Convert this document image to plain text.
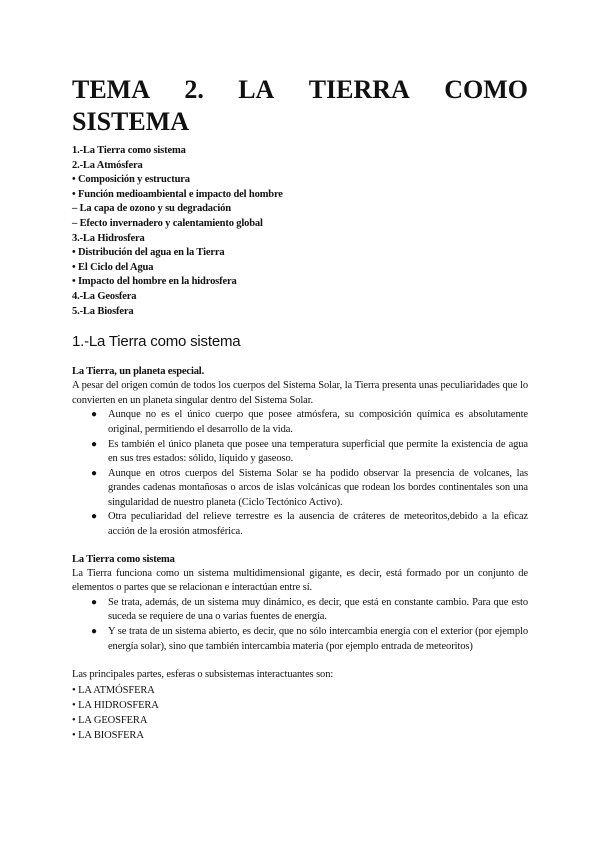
TEMA 2. LA TIERRA COMO
SISTEMA
1.-La Tierra como sistema
2.-La Atmósfera
• Composición y estructura
• Función medioambiental e impacto del hombre
– La capa de ozono y su degradación
– Efecto invernadero y calentamiento global
3.-La Hidrosfera
• Distribución del agua en la Tierra
• El Ciclo del Agua
• Impacto del hombre en la hidrosfera
4.-La Geosfera
5.-La Biosfera
1.-La Tierra como sistema

La Tierra, un planeta especial.

A pesar del origen común de todos los cuerpos del Sistema Solar, la Tierra presenta unas peculiaridades que lo convierten en un planeta singular dentro del Sistema Solar.

● Aunque no es el único cuerpo que posee atmósfera, su composición química es absolutamente original, permitiendo el desarrollo de la vida.
● Es también el único planeta que posee una temperatura superficial que permite la existencia de agua en sus tres estados: sólido, líquido y gaseoso.
● Aunque en otros cuerpos del Sistema Solar se ha podido observar la presencia de volcanes, las grandes cadenas montañosas o arcos de islas volcánicas que rodean los bordes continentales son una singularidad de nuestro planeta (Ciclo Tectónico Activo).
● Otra peculiaridad del relieve terrestre es la ausencia de cráteres de meteoritos,debido a la eficaz acción de la erosión atmosférica.

La Tierra como sistema

La Tierra funciona como un sistema multidimensional gigante, es decir, está formado por un conjunto de elementos o partes que se relacionan e interactúan entre sí.

● Se trata, además, de un sistema muy dinámico, es decir, que está en constante cambio. Para que esto suceda se requiere de una o varias fuentes de energía.
● Y se trata de un sistema abierto, es decir, que no sólo intercambia energía con el exterior (por ejemplo energía solar), sino que también intercambia materia (por ejemplo entrada de meteoritos)

Las principales partes, esferas o subsistemas interactuantes son:

• LA ATMÓSFERA
• LA HIDROSFERA
• LA GEOSFERA
• LA BIOSFERA
